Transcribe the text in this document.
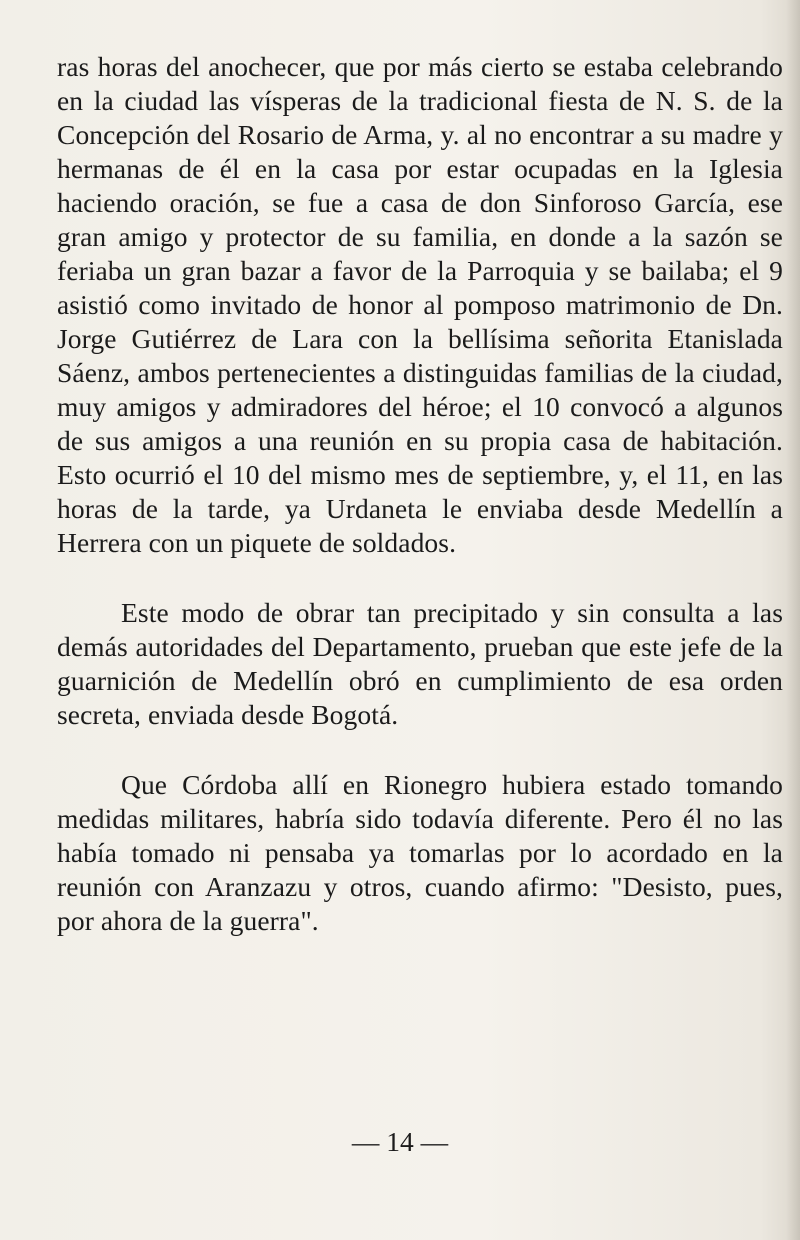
ras horas del anochecer, que por más cierto se estaba celebrando en la ciudad las vísperas de la tradicional fiesta de N. S. de la Concepción del Rosario de Arma, y. al no encontrar a su madre y hermanas de él en la casa por estar ocupadas en la Iglesia haciendo oración, se fue a casa de don Sinforoso García, ese gran amigo y protector de su familia, en donde a la sazón se feriaba un gran bazar a favor de la Parroquia y se bailaba; el 9 asistió como invitado de honor al pomposo matrimonio de Dn. Jorge Gutiérrez de Lara con la bellísima señorita Etanislada Sáenz, ambos pertenecientes a distinguidas familias de la ciudad, muy amigos y admiradores del héroe; el 10 convocó a algunos de sus amigos a una reunión en su propia casa de habitación. Esto ocurrió el 10 del mismo mes de septiembre, y, el 11, en las horas de la tarde, ya Urdaneta le enviaba desde Medellín a Herrera con un piquete de soldados.

Este modo de obrar tan precipitado y sin consulta a las demás autoridades del Departamento, prueban que este jefe de la guarnición de Medellín obró en cumplimiento de esa orden secreta, enviada desde Bogotá.

Que Córdoba allí en Rionegro hubiera estado tomando medidas militares, habría sido todavía diferente. Pero él no las había tomado ni pensaba ya tomarlas por lo acordado en la reunión con Aranzazu y otros, cuando afirmo: "Desisto, pues, por ahora de la guerra".

— 14 —
